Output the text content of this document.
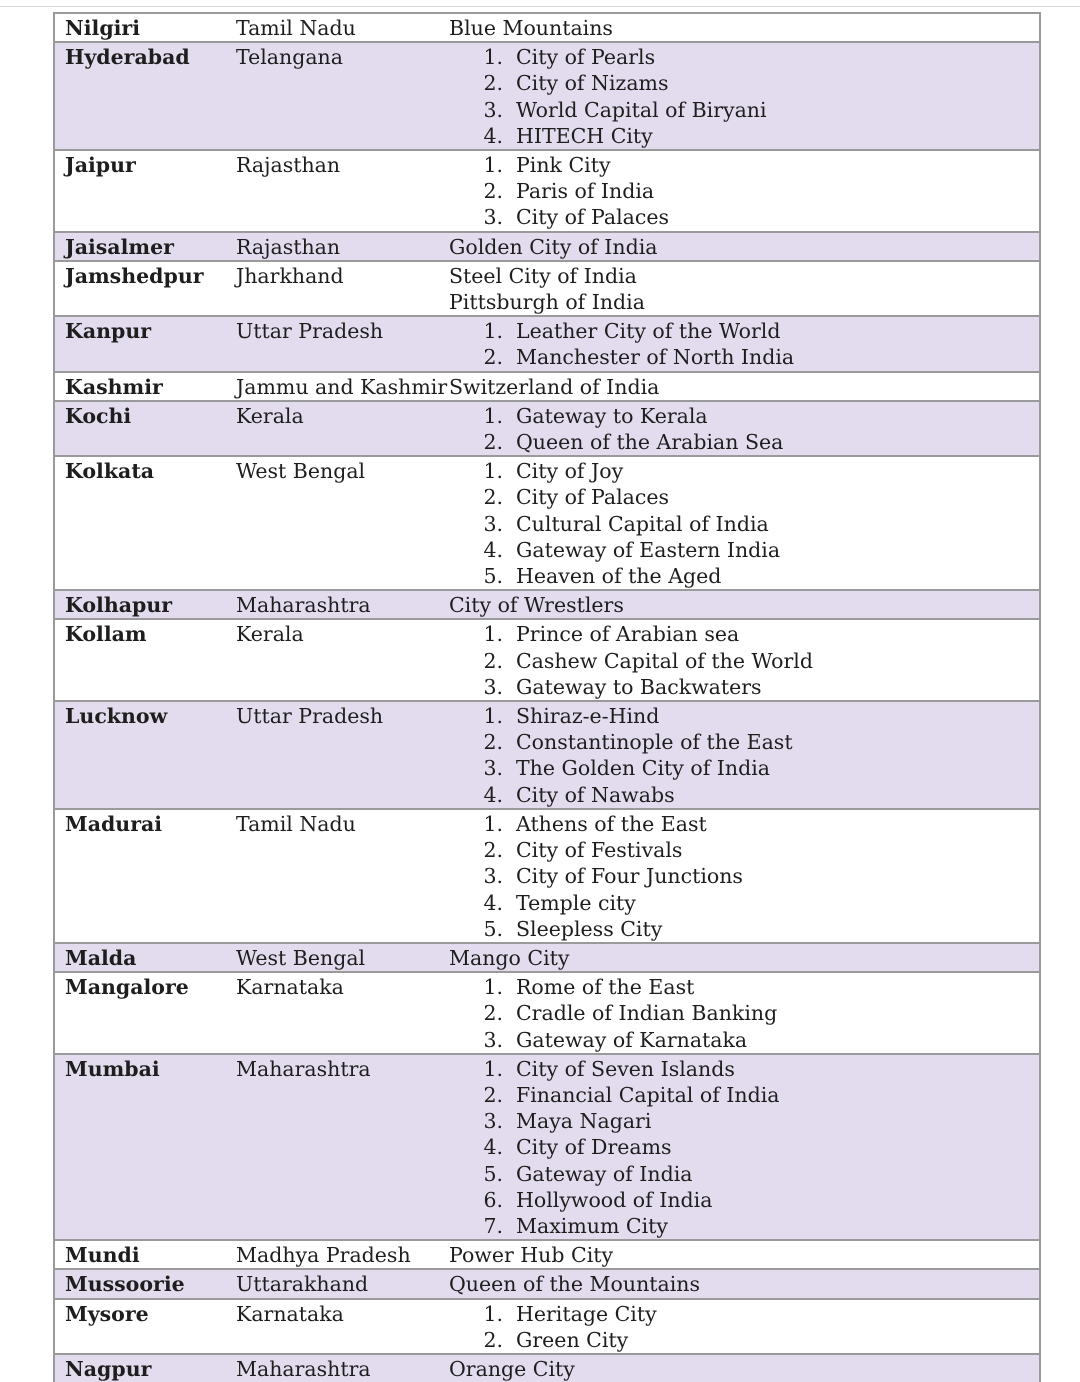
Nilgiri	Tamil Nadu	Blue Mountains
Hyderabad	Telangana	1. City of Pearls
2. City of Nizams
3. World Capital of Biryani
4. HITECH City
Jaipur	Rajasthan	1. Pink City
2. Paris of India
3. City of Palaces
Jaisalmer	Rajasthan	Golden City of India
Jamshedpur	Jharkhand	Steel City of India
Pittsburgh of India
Kanpur	Uttar Pradesh	1. Leather City of the World
2. Manchester of North India
Kashmir	Jammu and Kashmir Switzerland of India
Kochi	Kerala	1. Gateway to Kerala
2. Queen of the Arabian Sea
Kolkata	West Bengal	1. City of Joy
2. City of Palaces
3. Cultural Capital of India
4. Gateway of Eastern India
5. Heaven of the Aged
Kolhapur	Maharashtra	City of Wrestlers
Kollam	Kerala	1. Prince of Arabian sea
2. Cashew Capital of the World
3. Gateway to Backwaters
Lucknow	Uttar Pradesh	1. Shiraz-e-Hind
2. Constantinople of the East
3. The Golden City of India
4. City of Nawabs
Madurai	Tamil Nadu	1. Athens of the East
2. City of Festivals
3. City of Four Junctions
4. Temple city
5. Sleepless City
Malda	West Bengal	Mango City
Mangalore	Karnataka	1. Rome of the East
2. Cradle of Indian Banking
3. Gateway of Karnataka
Mumbai	Maharashtra	1. City of Seven Islands
2. Financial Capital of India
3. Maya Nagari
4. City of Dreams
5. Gateway of India
6. Hollywood of India
7. Maximum City
Mundi	Madhya Pradesh	Power Hub City
Mussoorie	Uttarakhand	Queen of the Mountains
Mysore	Karnataka	1. Heritage City
2. Green City
Nagpur	Maharashtra	Orange City
